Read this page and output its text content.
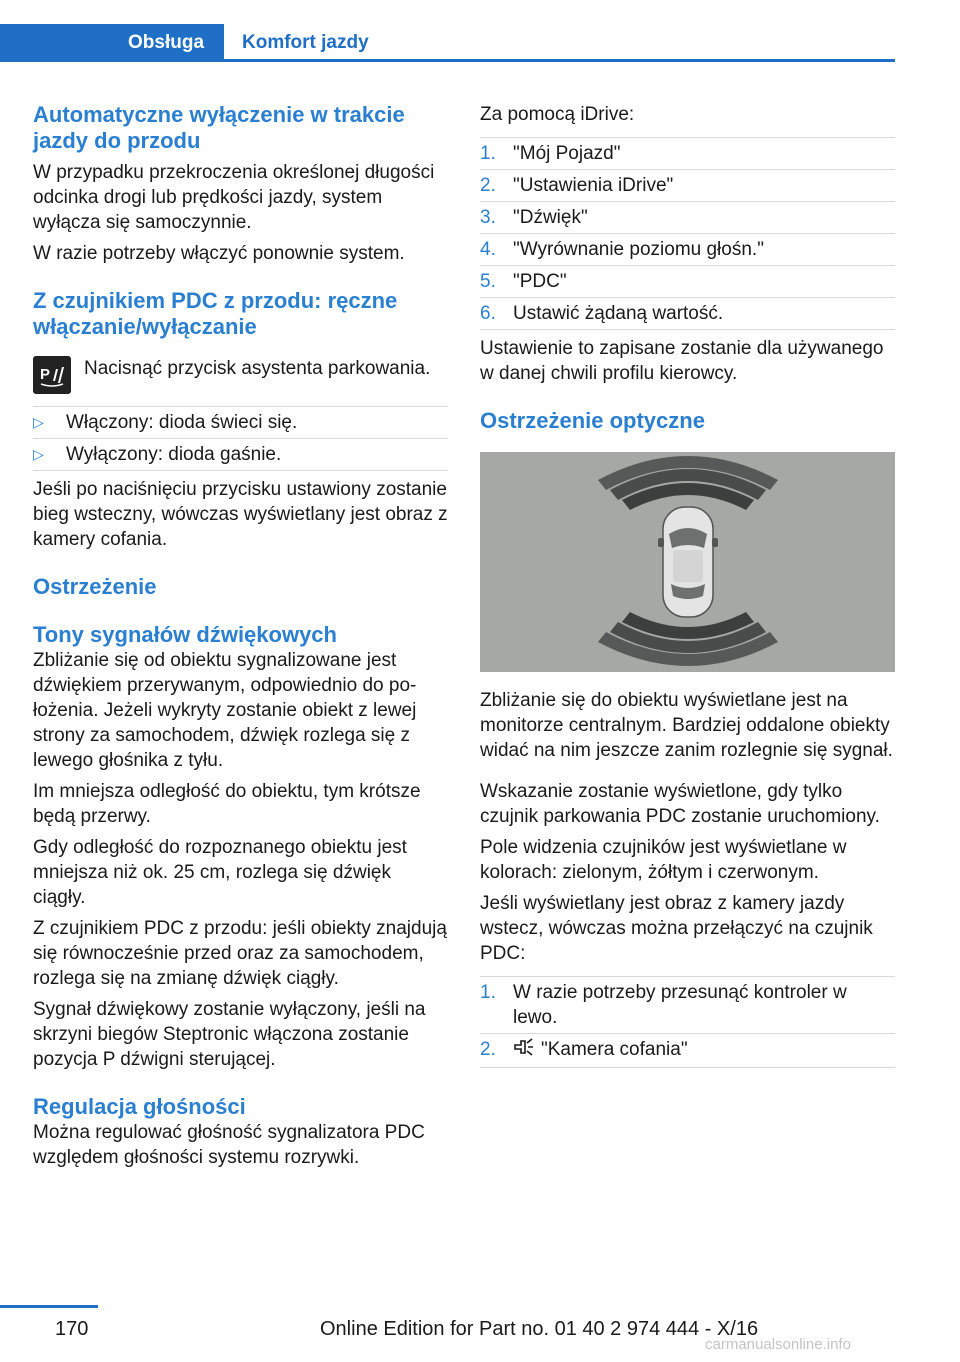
Obsługa	Komfort jazdy
Automatyczne wyłączenie w trakcie jazdy do przodu
W przypadku przekroczenia określonej długości odcinka drogi lub prędkości jazdy, system wyłącza się samoczynnie.
W razie potrzeby włączyć ponownie system.
Z czujnikiem PDC z przodu: ręczne włączanie/wyłączanie
P Nacisnąć przycisk asystenta parkowania.
▷	Włączony: dioda świeci się.
▷	Wyłączony: dioda gaśnie.
Jeśli po naciśnięciu przycisku ustawiony zostanie bieg wsteczny, wówczas wyświetlany jest obraz z kamery cofania.
Ostrzeżenie
Tony sygnałów dźwiękowych
Zbliżanie się od obiektu sygnalizowane jest dźwiękiem przerywanym, odpowiednio do położenia. Jeżeli wykryty zostanie obiekt z lewej strony za samochodem, dźwięk rozlega się z lewego głośnika z tyłu.
Im mniejsza odległość do obiektu, tym krótsze będą przerwy.
Gdy odległość do rozpoznanego obiektu jest mniejsza niż ok. 25 cm, rozlega się dźwięk ciągły.
Z czujnikiem PDC z przodu: jeśli obiekty znajdują się równocześnie przed oraz za samochodem, rozlega się na zmianę dźwięk ciągły.
Sygnał dźwiękowy zostanie wyłączony, jeśli na skrzyni biegów Steptronic włączona zostanie pozycja P dźwigni sterującej.
Regulacja głośności
Można regulować głośność sygnalizatora PDC względem głośności systemu rozrywki.
Za pomocą iDrive:
1. "Mój Pojazd"
2. "Ustawienia iDrive"
3. "Dźwięk"
4. "Wyrównanie poziomu głośn."
5. "PDC"
6. Ustawić żądaną wartość.
Ustawienie to zapisane zostanie dla używanego w danej chwili profilu kierowcy.
Ostrzeżenie optyczne
Zbliżanie się do obiektu wyświetlane jest na monitorze centralnym. Bardziej oddalone obiekty widać na nim jeszcze zanim rozlegnie się sygnał.
Wskazanie zostanie wyświetlone, gdy tylko czujnik parkowania PDC zostanie uruchomiony.
Pole widzenia czujników jest wyświetlane w kolorach: zielonym, żółtym i czerwonym.
Jeśli wyświetlany jest obraz z kamery jazdy wstecz, wówczas można przełączyć na czujnik PDC:
1. W razie potrzeby przesunąć kontroler w lewo.
2.	"Kamera cofania"
170	Online Edition for Part no. 01 40 2 974 444 - X/16
carmanualsonline.info
